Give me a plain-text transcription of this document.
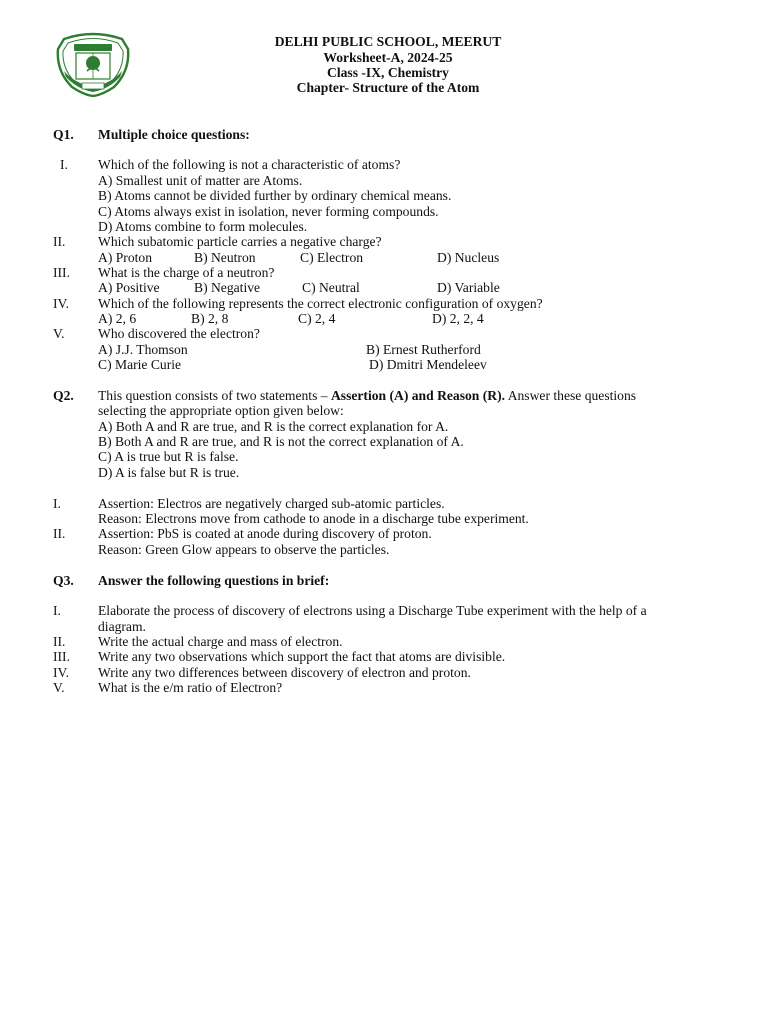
DELHI PUBLIC SCHOOL, MEERUT
Worksheet-A, 2024-25
Class -IX, Chemistry
Chapter- Structure of the Atom
Q1. Multiple choice questions:
I. Which of the following is not a characteristic of atoms?
A) Smallest unit of matter are Atoms.
B) Atoms cannot be divided further by ordinary chemical means.
C) Atoms always exist in isolation, never forming compounds.
D) Atoms combine to form molecules.
II. Which subatomic particle carries a negative charge?
A) Proton	B) Neutron	C) Electron	D) Nucleus
III. What is the charge of a neutron?
A) Positive	B) Negative	C) Neutral	D) Variable
IV. Which of the following represents the correct electronic configuration of oxygen?
A) 2, 6	B) 2, 8	C) 2, 4	D) 2, 2, 4
V. Who discovered the electron?
A) J.J. Thomson	B) Ernest Rutherford
C) Marie Curie	D) Dmitri Mendeleev
Q2. This question consists of two statements – Assertion (A) and Reason (R). Answer these questions
selecting the appropriate option given below:
A) Both A and R are true, and R is the correct explanation for A.
B) Both A and R are true, and R is not the correct explanation of A.
C) A is true but R is false.
D) A is false but R is true.
I.	Assertion: Electros are negatively charged sub-atomic particles.
Reason: Electrons move from cathode to anode in a discharge tube experiment.
II. Assertion: PbS is coated at anode during discovery of proton.
Reason: Green Glow appears to observe the particles.
Q3. Answer the following questions in brief:
I.	Elaborate the process of discovery of electrons using a Discharge Tube experiment with the help of a
diagram.
II. Write the actual charge and mass of electron.
III. Write any two observations which support the fact that atoms are divisible.
IV. Write any two differences between discovery of electron and proton.
V. What is the e/m ratio of Electron?
